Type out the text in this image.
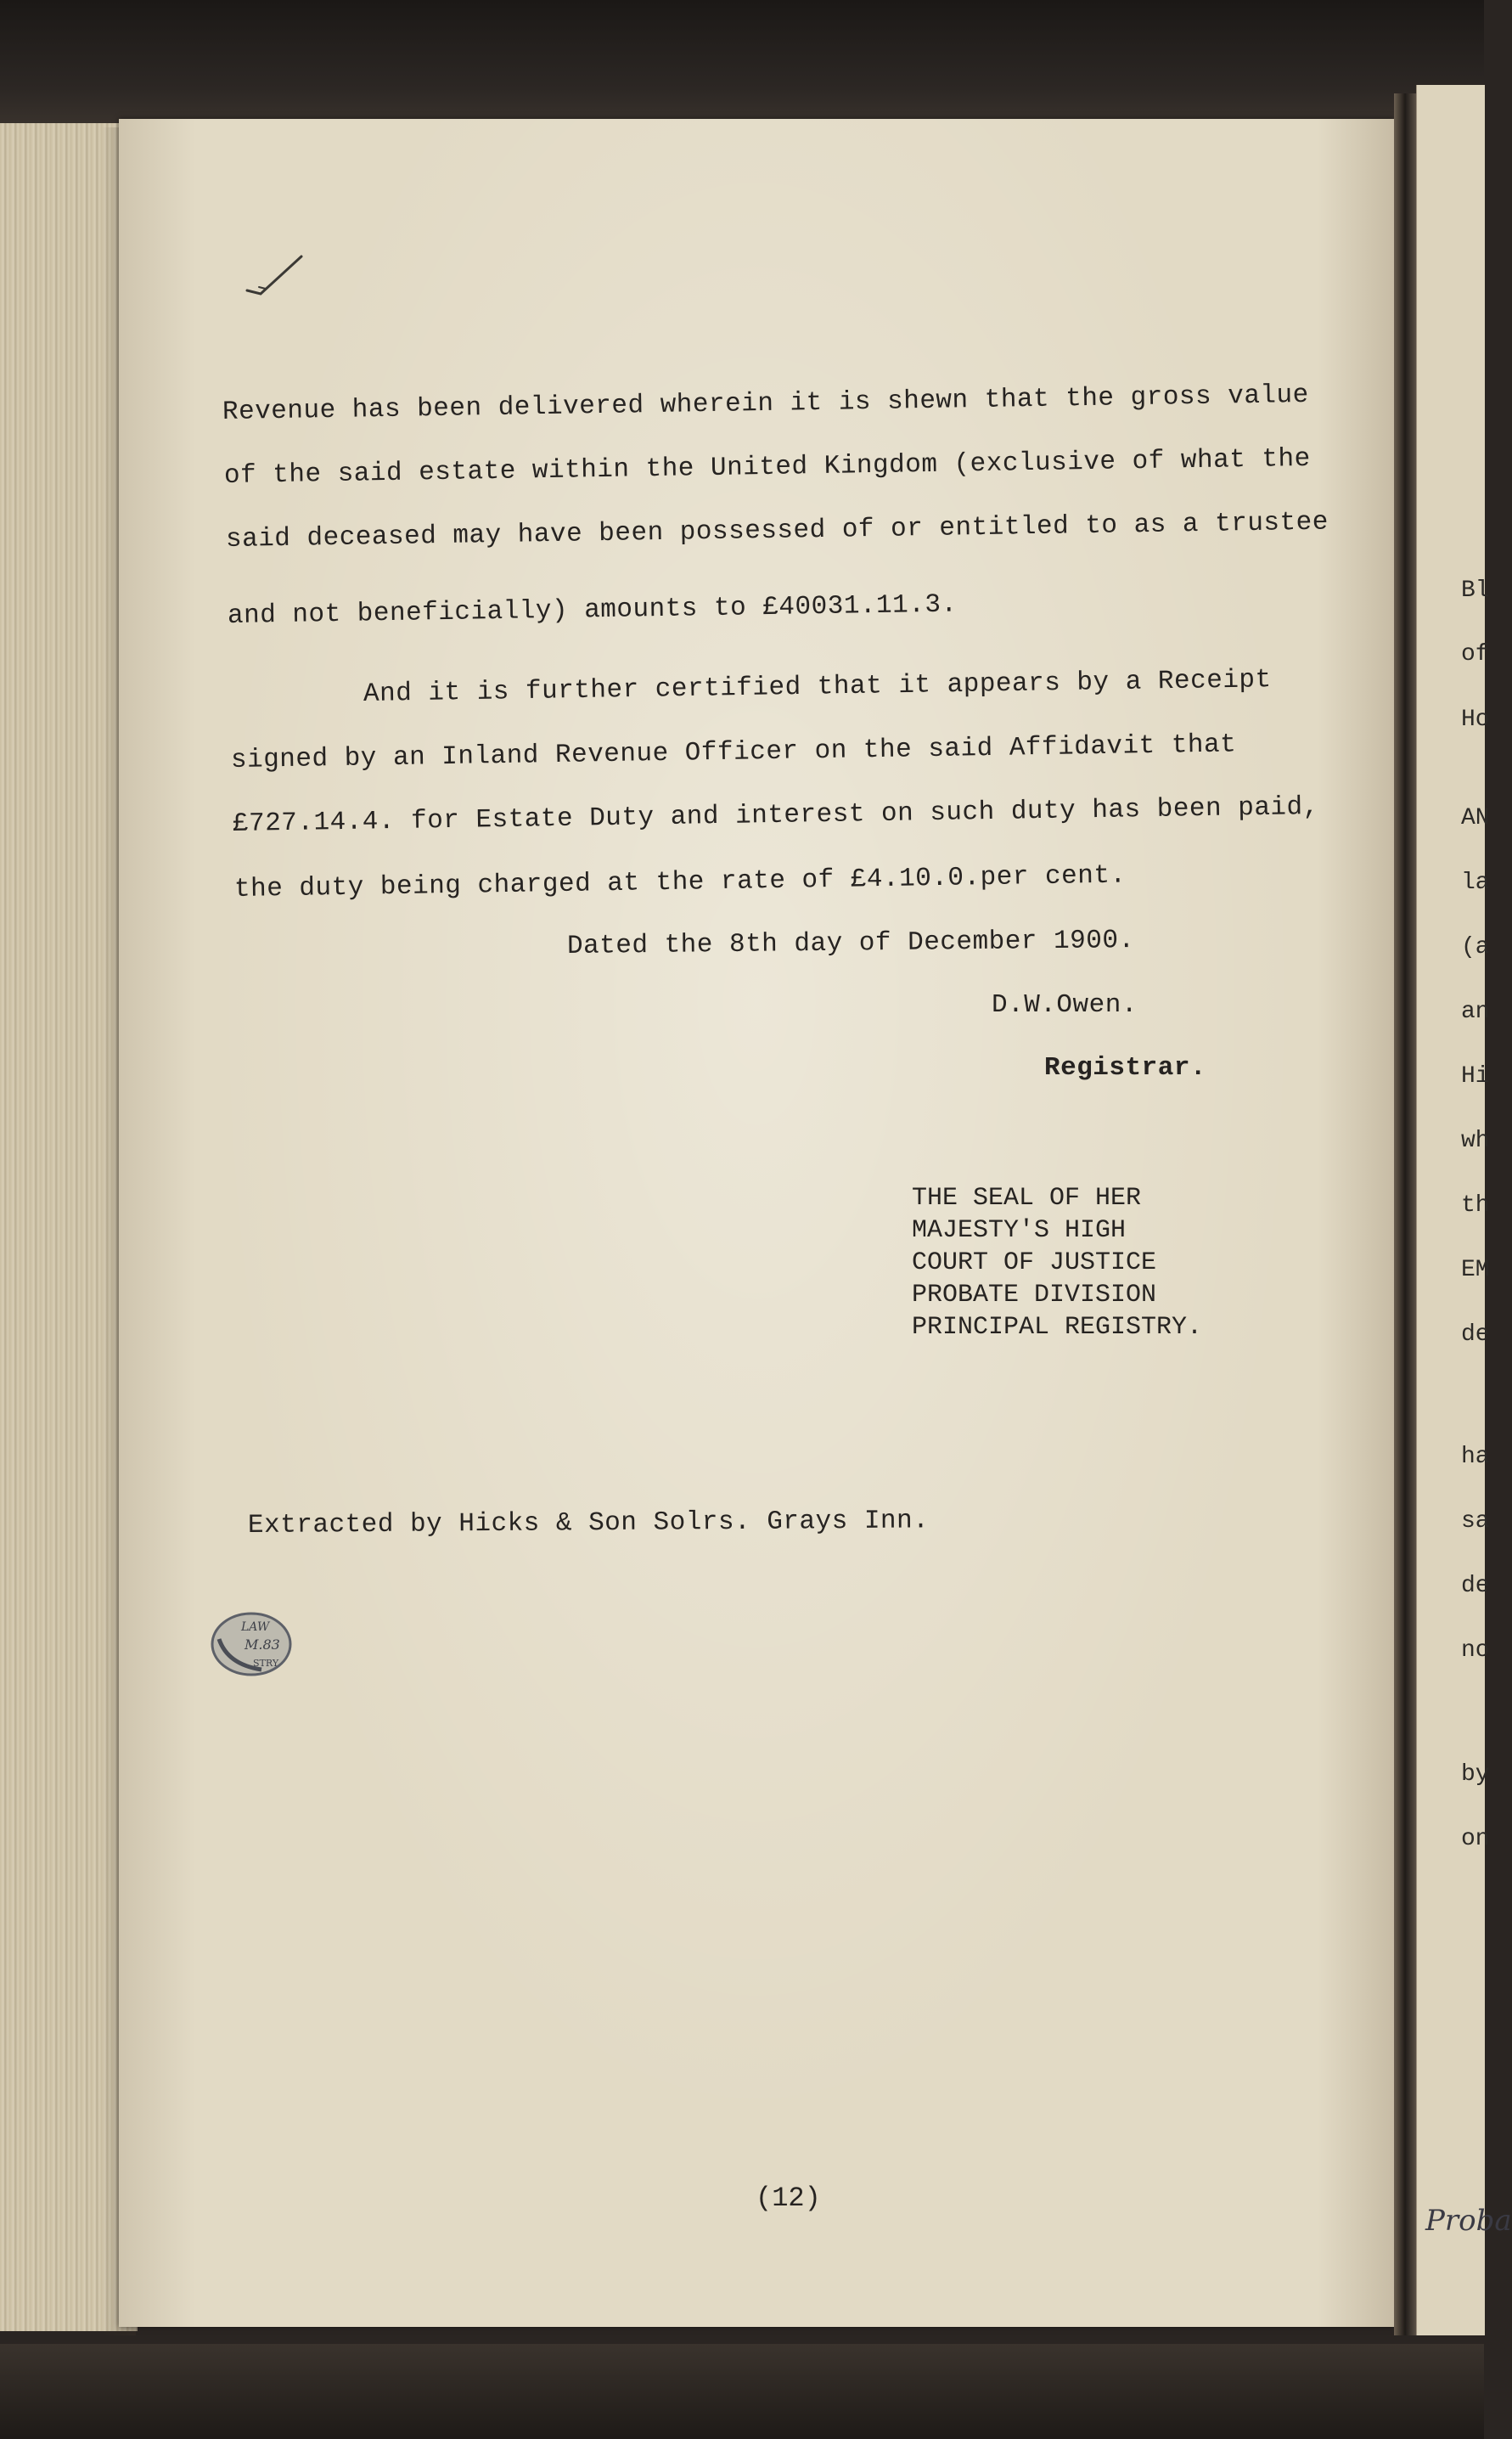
Revenue has been delivered wherein it is shewn that the gross value
of the said estate within the United Kingdom (exclusive of what the
said deceased may have been possessed of or entitled to as a trustee
and not beneficially) amounts to £40031.11.3.
And it is further certified that it appears by a Receipt
signed by an Inland Revenue Officer on the said Affidavit that
£727.14.4. for Estate Duty and interest on such duty has been paid,
the duty being charged at the rate of £4.10.0.per cent.
Dated the 8th day of December 1900.
D.W.Owen.
Registrar.
THE SEAL OF HER
MAJESTY'S HIGH
COURT OF JUSTICE
PROBATE DIVISION
PRINCIPAL REGISTRY.
Extracted by Hicks & Son Solrs. Grays Inn.
LAW
M.83
STRY
(12)
Bl
of
Ho
AN
la
(a
an
Hi
wh
th
EM
de
ha
sa
de
no
by
on
Proba
